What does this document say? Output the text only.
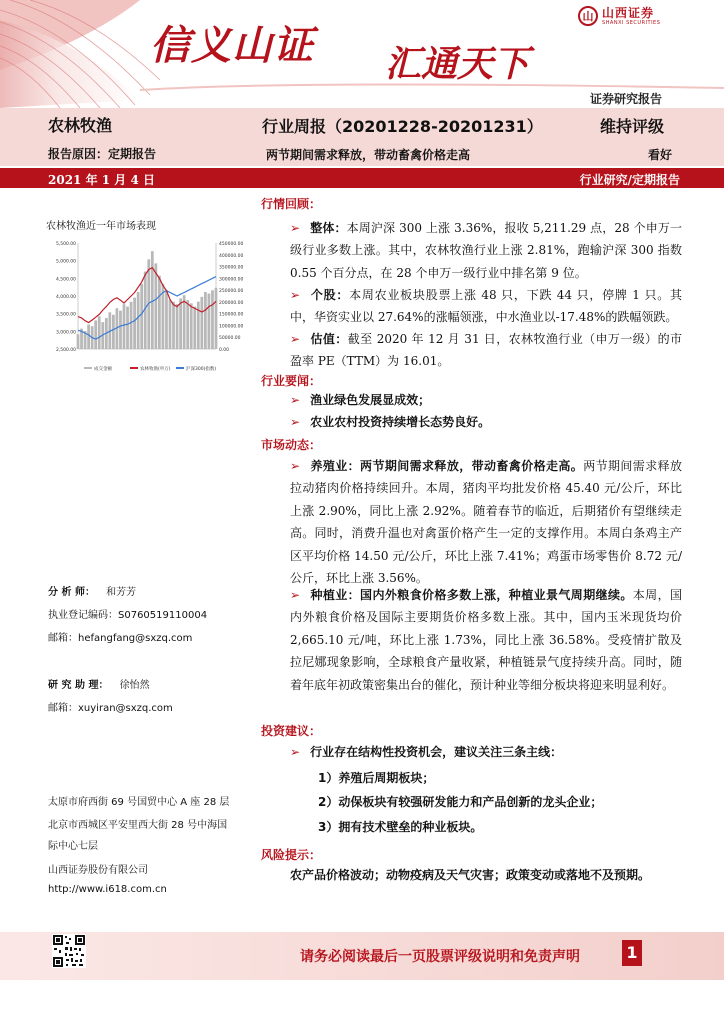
信义山证 汇通天下
山 山西证券
SHANXI SECURITIES
证券研究报告
农林牧渔
报告原因：定期报告
行业周报（20201228-20201231）
两节期间需求释放，带动畜禽价格走高
维持评级
看好
2021 年 1 月 4 日	行业研究/定期报告
农林牧渔近一年市场表现
5,500.00
5,000.00
4,500.00
4,000.00
3,500.00
3,000.00
2,500.00
450000.00
400000.00
350000.00
300000.00
250000.00
200000.00
150000.00
100000.00
50000.00
0.00
成交金额	农林牧渔(申万)	沪深300(指数)
分 析 师： 和芳芳
执业登记编码：S0760519110004
邮箱：hefangfang@sxzq.com
研 究 助 理： 徐怡然
邮箱：xuyiran@sxzq.com
太原市府西街 69 号国贸中心 A 座 28 层
北京市西城区平安里西大街 28 号中海国
际中心七层
山西证券股份有限公司
http://www.i618.com.cn
行情回顾：
➢ 整体：本周沪深 300 上涨 3.36%，报收 5,211.29 点，28 个申万一级行业多数上涨。其中，农林牧渔行业上涨 2.81%，跑输沪深 300 指数 0.55 个百分点，在 28 个申万一级行业中排名第 9 位。
➢ 个股：本周农业板块股票上涨 48 只，下跌 44 只，停牌 1 只。其中，华资实业以 27.64%的涨幅领涨，中水渔业以-17.48%的跌幅领跌。
➢ 估值：截至 2020 年 12 月 31 日，农林牧渔行业（申万一级）的市盈率 PE（TTM）为 16.01。
行业要闻：
➢ 渔业绿色发展显成效；
➢ 农业农村投资持续增长态势良好。
市场动态：
➢ 养殖业：两节期间需求释放，带动畜禽价格走高。两节期间需求释放拉动猪肉价格持续回升。本周，猪肉平均批发价格 45.40 元/公斤，环比上涨 2.90%，同比上涨 2.92%。随着春节的临近，后期猪价有望继续走高。同时，消费升温也对禽蛋价格产生一定的支撑作用。本周白条鸡主产区平均价格 14.50 元/公斤，环比上涨 7.41%；鸡蛋市场零售价 8.72 元/公斤，环比上涨 3.56%。
➢ 种植业：国内外粮食价格多数上涨，种植业景气周期继续。本周，国内外粮食价格及国际主要期货价格多数上涨。其中，国内玉米现货均价 2,665.10 元/吨，环比上涨 1.73%，同比上涨 36.58%。受疫情扩散及拉尼娜现象影响，全球粮食产量收紧，种植链景气度持续升高。同时，随着年底年初政策密集出台的催化，预计种业等细分板块将迎来明显利好。
投资建议：
➢ 行业存在结构性投资机会，建议关注三条主线：
1）养殖后周期板块；
2）动保板块有较强研发能力和产品创新的龙头企业；
3）拥有技术壁垒的种业板块。
风险提示：
农产品价格波动；动物疫病及天气灾害；政策变动或落地不及预期。
请务必阅读最后一页股票评级说明和免责声明	1
